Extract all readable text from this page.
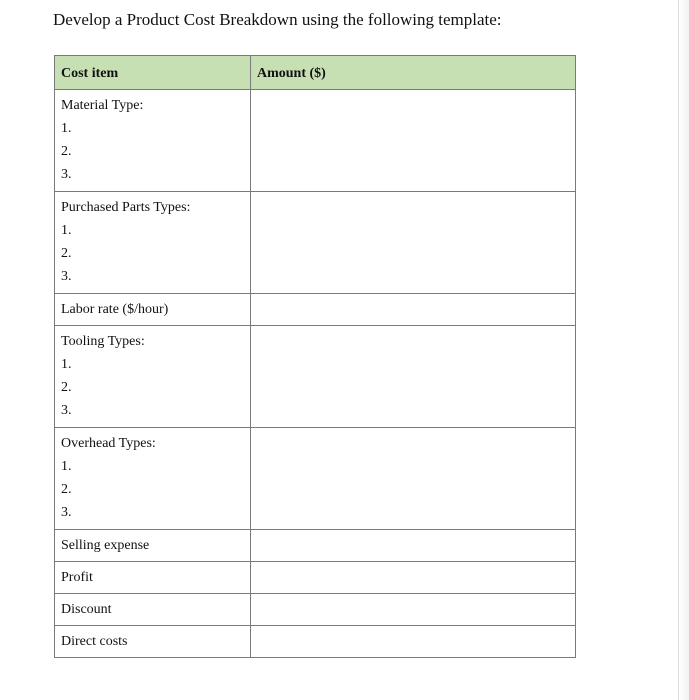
Develop a Product Cost Breakdown using the following template:
Cost item	Amount ($)

Material Type:
1.
2.
3.	

Purchased Parts Types:
1.
2.
3.	

Labor rate ($/hour)	

Tooling Types:
1.
2.
3.	

Overhead Types:
1.
2.
3.	

Selling expense	
Profit	
Discount	
Direct costs	
